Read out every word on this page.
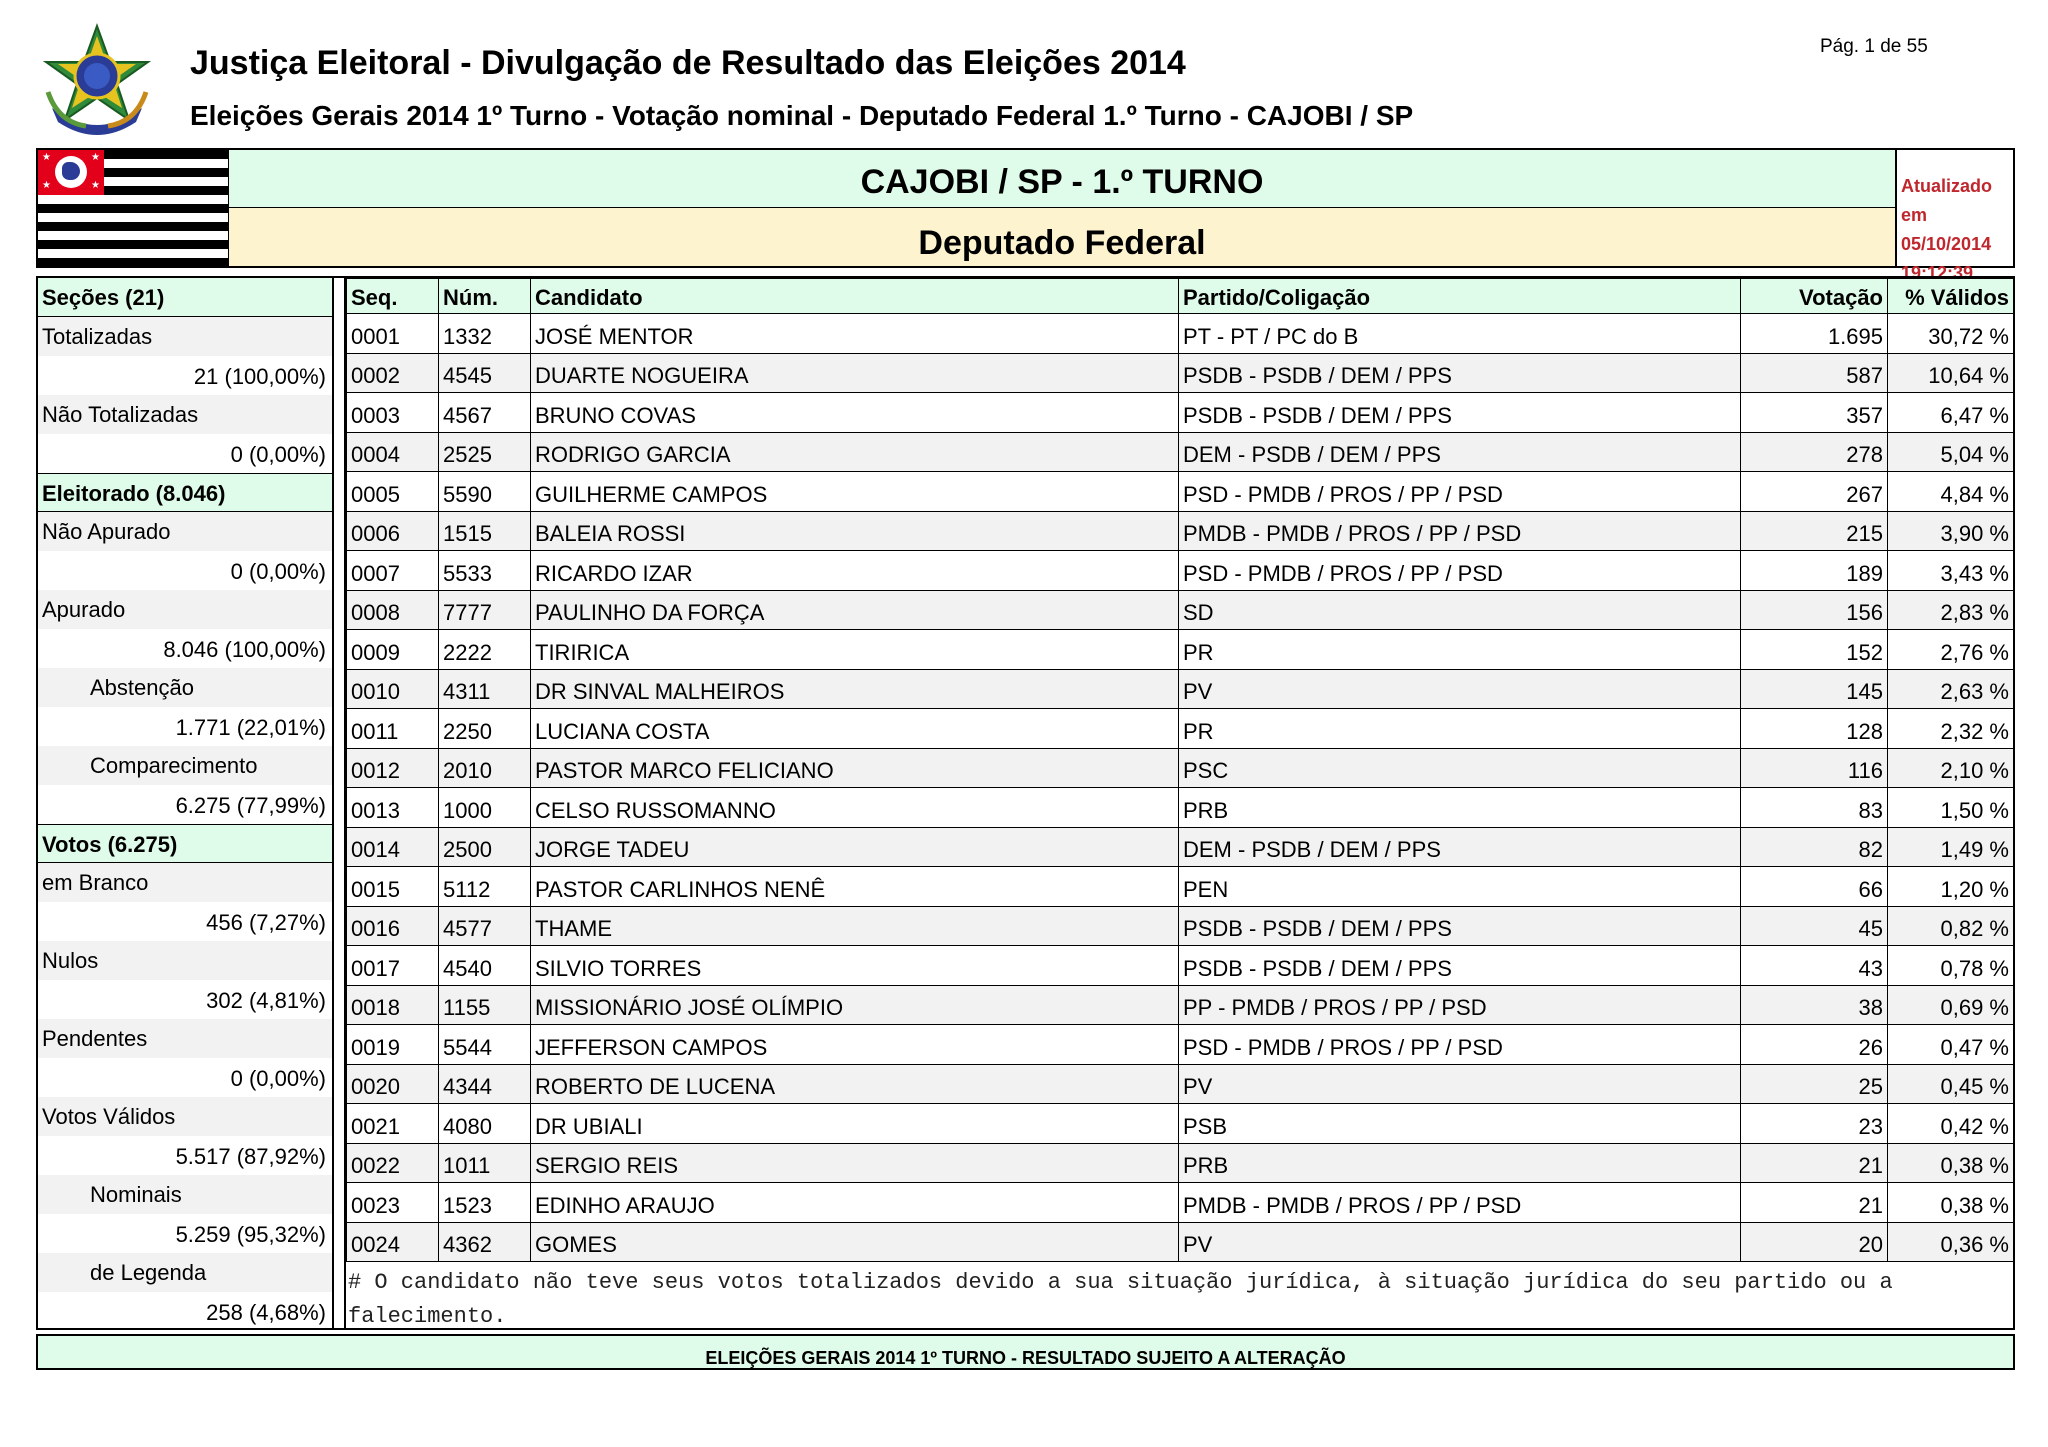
Justiça Eleitoral - Divulgação de Resultado das Eleições 2014
Eleições Gerais 2014 1º Turno - Votação nominal - Deputado Federal 1.º Turno - CAJOBI / SP
Pág. 1 de 55
★	★
★	★	CAJOBI / SP - 1.º TURNO
Deputado Federal
Atualizado em
05/10/2014
19:12:39
Seções (21)
Totalizadas
21 (100,00%)
Não Totalizadas
0 (0,00%)
Eleitorado (8.046)
Não Apurado
0 (0,00%)
Apurado
8.046 (100,00%)
Abstenção
1.771 (22,01%)
Comparecimento
6.275 (77,99%)
Votos (6.275)
em Branco
456 (7,27%)
Nulos
302 (4,81%)
Pendentes
0 (0,00%)
Votos Válidos
5.517 (87,92%)
Nominais
5.259 (95,32%)
de Legenda
258 (4,68%)
Seq.	Núm.	Candidato	Partido/Coligação	Votação	% Válidos
0001	1332	JOSÉ MENTOR	PT - PT / PC do B	1.695	30,72 %
0002	4545	DUARTE NOGUEIRA	PSDB - PSDB / DEM / PPS	587	10,64 %
0003	4567	BRUNO COVAS	PSDB - PSDB / DEM / PPS	357	6,47 %
0004	2525	RODRIGO GARCIA	DEM - PSDB / DEM / PPS	278	5,04 %
0005	5590	GUILHERME CAMPOS	PSD - PMDB / PROS / PP / PSD	267	4,84 %
0006	1515	BALEIA ROSSI	PMDB - PMDB / PROS / PP / PSD	215	3,90 %
0007	5533	RICARDO IZAR	PSD - PMDB / PROS / PP / PSD	189	3,43 %
0008	7777	PAULINHO DA FORÇA	SD	156	2,83 %
0009	2222	TIRIRICA	PR	152	2,76 %
0010	4311	DR SINVAL MALHEIROS	PV	145	2,63 %
0011	2250	LUCIANA COSTA	PR	128	2,32 %
0012	2010	PASTOR MARCO FELICIANO	PSC	116	2,10 %
0013	1000	CELSO RUSSOMANNO	PRB	83	1,50 %
0014	2500	JORGE TADEU	DEM - PSDB / DEM / PPS	82	1,49 %
0015	5112	PASTOR CARLINHOS NENÊ	PEN	66	1,20 %
0016	4577	THAME	PSDB - PSDB / DEM / PPS	45	0,82 %
0017	4540	SILVIO TORRES	PSDB - PSDB / DEM / PPS	43	0,78 %
0018	1155	MISSIONÁRIO JOSÉ OLÍMPIO	PP - PMDB / PROS / PP / PSD	38	0,69 %
0019	5544	JEFFERSON CAMPOS	PSD - PMDB / PROS / PP / PSD	26	0,47 %
0020	4344	ROBERTO DE LUCENA	PV	25	0,45 %
0021	4080	DR UBIALI	PSB	23	0,42 %
0022	1011	SERGIO REIS	PRB	21	0,38 %
0023	1523	EDINHO ARAUJO	PMDB - PMDB / PROS / PP / PSD	21	0,38 %
0024	4362	GOMES	PV	20	0,36 %
# O candidato não teve seus votos totalizados devido a sua situação jurídica, à situação jurídica do seu partido ou a falecimento.
ELEIÇÕES GERAIS 2014 1º TURNO - RESULTADO SUJEITO A ALTERAÇÃO
